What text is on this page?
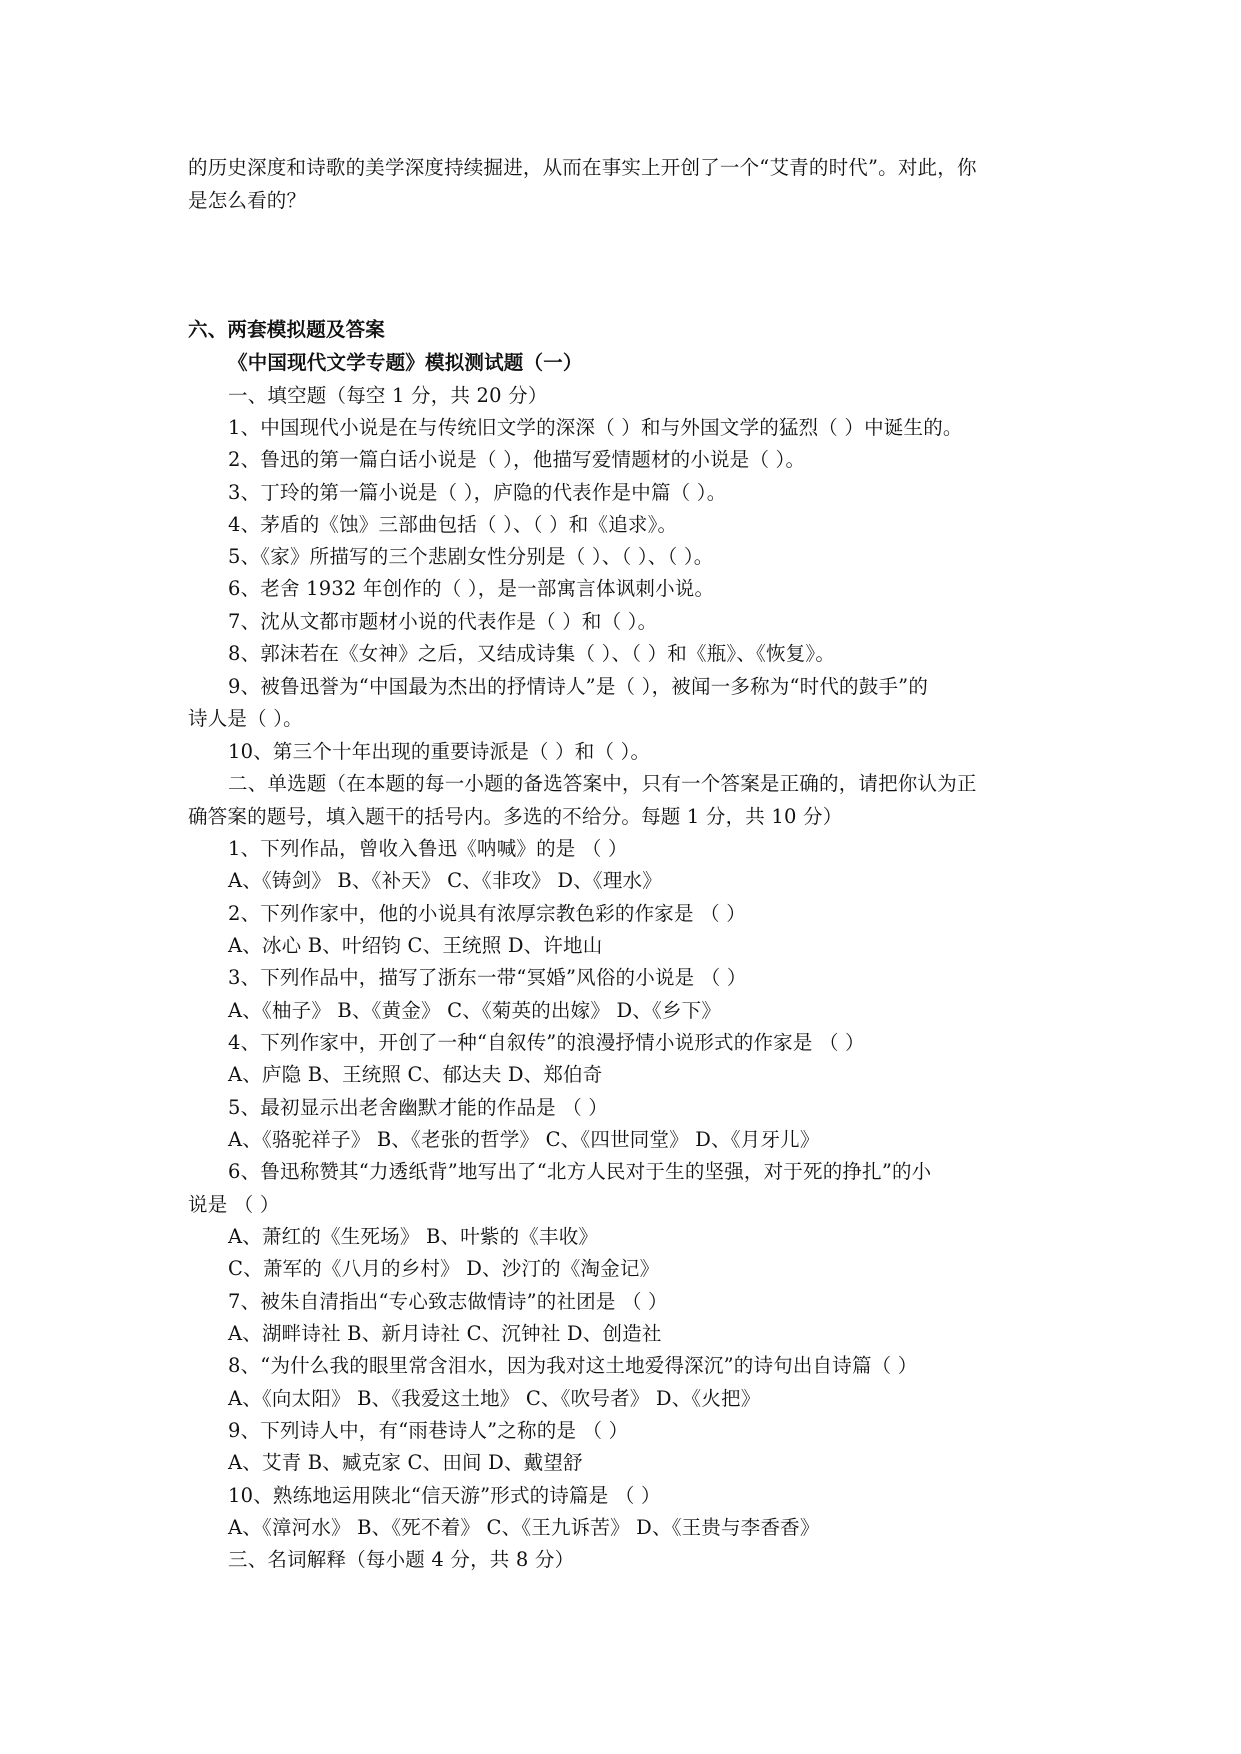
的历史深度和诗歌的美学深度持续掘进，从而在事实上开创了一个“艾青的时代”。对此，你
是怎么看的？
六、两套模拟题及答案
《中国现代文学专题》模拟测试题（一）
一、填空题（每空 1 分，共 20 分）
1、中国现代小说是在与传统旧文学的深深（ ）和与外国文学的猛烈（ ）中诞生的。
2、鲁迅的第一篇白话小说是（ ），他描写爱情题材的小说是（ ）。
3、丁玲的第一篇小说是（ ），庐隐的代表作是中篇（ ）。
4、茅盾的《蚀》三部曲包括（ ）、（ ）和《追求》。
5、《家》所描写的三个悲剧女性分别是（ ）、（ ）、（ ）。
6、老舍 1932 年创作的（ ），是一部寓言体讽刺小说。
7、沈从文都市题材小说的代表作是（ ）和（ ）。
8、郭沫若在《女神》之后，又结成诗集（ ）、（ ）和《瓶》、《恢复》。
9、被鲁迅誉为“中国最为杰出的抒情诗人”是（ ），被闻一多称为“时代的鼓手”的
诗人是（ ）。
10、第三个十年出现的重要诗派是（ ）和（ ）。
二、单选题（在本题的每一小题的备选答案中，只有一个答案是正确的，请把你认为正
确答案的题号，填入题干的括号内。多选的不给分。每题 1 分，共 10 分）
1、下列作品，曾收入鲁迅《呐喊》的是 （ ）
A、《铸剑》 B、《补天》 C、《非攻》 D、《理水》
2、下列作家中，他的小说具有浓厚宗教色彩的作家是 （ ）
A、冰心 B、叶绍钧 C、王统照 D、许地山
3、下列作品中，描写了浙东一带“冥婚”风俗的小说是 （ ）
A、《柚子》 B、《黄金》 C、《菊英的出嫁》 D、《乡下》
4、下列作家中，开创了一种“自叙传”的浪漫抒情小说形式的作家是 （ ）
A、庐隐 B、王统照 C、郁达夫 D、郑伯奇
5、最初显示出老舍幽默才能的作品是 （ ）
A、《骆驼祥子》 B、《老张的哲学》 C、《四世同堂》 D、《月牙儿》
6、鲁迅称赞其“力透纸背”地写出了“北方人民对于生的坚强，对于死的挣扎”的小
说是 （ ）
A、萧红的《生死场》 B、叶紫的《丰收》
C、萧军的《八月的乡村》 D、沙汀的《淘金记》
7、被朱自清指出“专心致志做情诗”的社团是 （ ）
A、湖畔诗社 B、新月诗社 C、沉钟社 D、创造社
8、“为什么我的眼里常含泪水，因为我对这土地爱得深沉”的诗句出自诗篇（ ）
A、《向太阳》 B、《我爱这土地》 C、《吹号者》 D、《火把》
9、下列诗人中，有“雨巷诗人”之称的是 （ ）
A、艾青 B、臧克家 C、田间 D、戴望舒
10、熟练地运用陕北“信天游”形式的诗篇是 （ ）
A、《漳河水》 B、《死不着》 C、《王九诉苦》 D、《王贵与李香香》
三、名词解释（每小题 4 分，共 8 分）
